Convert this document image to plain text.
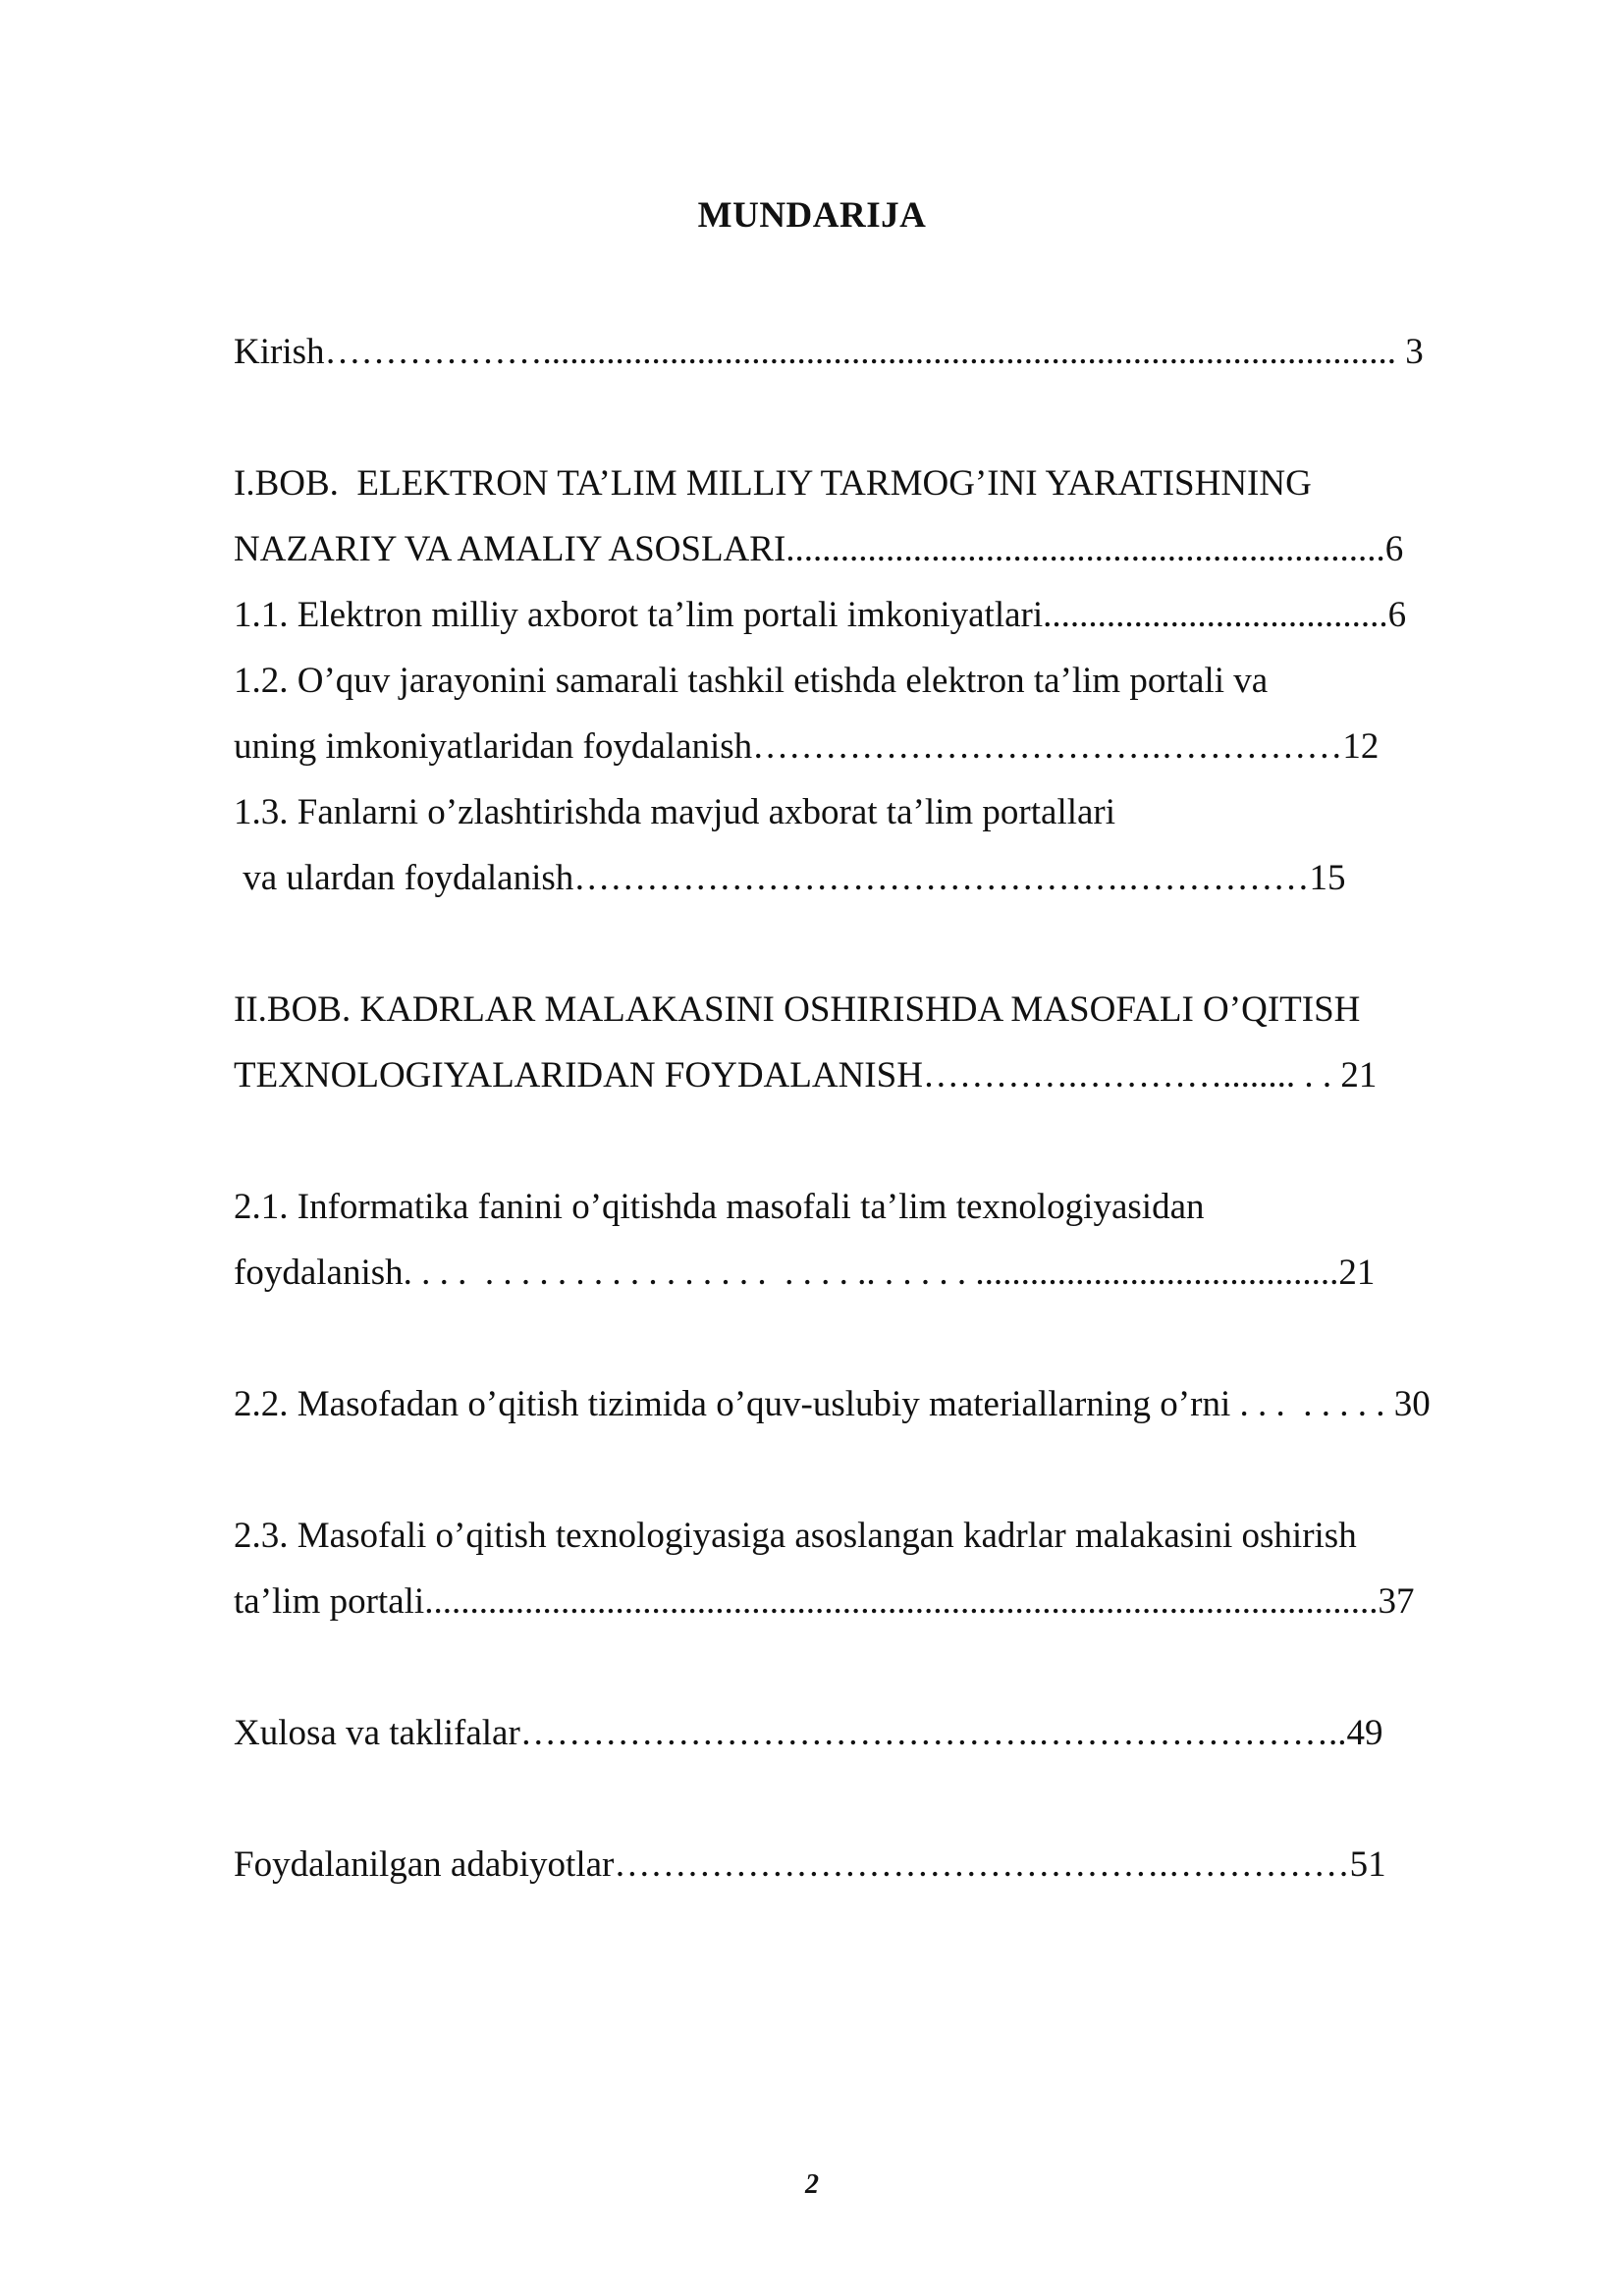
MUNDARIJA
Kirish……………….............................................................................................. 3
I.BOB.  ELEKTRON TA’LIM MILLIY TARMOG’INI YARATISHNING
NAZARIY VA AMALIY ASOSLARI..................................................................6
1.1. Elektron milliy axborot ta’lim portali imkoniyatlari......................................6
1.2. O’quv jarayonini samarali tashkil etishda elektron ta’lim portali va
uning imkoniyatlaridan foydalanish…………………………….……………12
1.3. Fanlarni o’zlashtirishda mavjud axborat ta’lim portallari
va ulardan foydalanish……………………………………….……………15
II.BOB. KADRLAR MALAKASINI OSHIRISHDA MASOFALI O’QITISH
TEXNOLOGIYALARIDAN FOYDALANISH………….…………........ . . 21
2.1. Informatika fanini o’qitishda masofali ta’lim texnologiyasidan
foydalanish. . . .  . . . . . . . . . . . . . . . .  . . . . .. . . . . . ........................................21
2.2. Masofadan o’qitish tizimida o’quv-uslubiy materiallarning o’rni . . .  . . . . . 30
2.3. Masofali o’qitish texnologiyasiga asoslangan kadrlar malakasini oshirish
ta’lim portali.........................................................................................................37
Xulosa va taklifalar…………………………………….……………………..49
Foydalanilgan adabiyotlar……………………………………….……………51
2
